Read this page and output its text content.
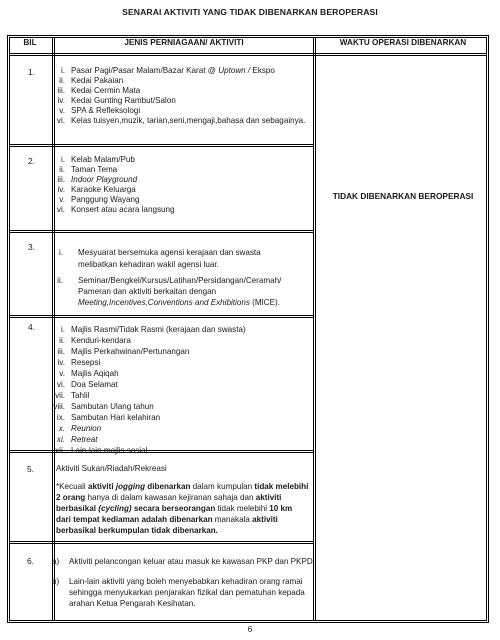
SENARAI AKTIVITI YANG TIDAK DIBENARKAN BEROPERASI
BIL	JENIS PERNIAGAAN/ AKTIVITI	WAKTU OPERASI DIBENARKAN
TIDAK DIBENARKAN BEROPERASI
1.	i. Pasar Pagi/Pasar Malam/Bazar Karat @ Uptown / Ekspo
ii. Kedai Pakaian
iii. Kedai Cermin Mata
iv. Kedai Gunting Rambut/Salon
v. SPA & Refleksologi
vi. Kelas tuisyen,muzik, tarian,seni,mengaji,bahasa dan sebagainya.
2.	i. Kelab Malam/Pub
ii. Taman Tema
iii. Indoor Playground
iv. Karaoke Keluarga
v. Panggung Wayang
vi. Konsert atau acara langsung
3.
i. Mesyuarat bersemuka agensi kerajaan dan swasta
melibatkan kehadiran wakil agensi luar.
ii. Seminar/Bengkel/Kursus/Latihan/Persidangan/Ceramah/
Pameran dan aktiviti berkaitan dengan
Meeting,Incentives,Conventions and Exhibitions (MICE).
4.	i. Majlis Rasmi/Tidak Rasmi (kerajaan dan swasta)
ii. Kenduri-kendara
iii. Majlis Perkahwinan/Pertunangan
iv. Resepsi
v. Majlis Aqiqah
vi. Doa Selamat
vii. Tahlil
viii. Sambutan Ulang tahun
ix. Sambutan Hari kelahiran
x. Reunion
xi. Retreat
xii. Lain-lain majlis sosial
5.	Aktiviti Sukan/Riadah/Rekreasi
*Kecuali aktiviti jogging dibenarkan dalam kumpulan tidak melebihi
2 orang hanya di dalam kawasan kejiranan sahaja dan aktiviti
berbasikal (cycling) secara berseorangan tidak melebihi 10 km
dari tempat kediaman adalah dibenarkan manakala aktiviti
berbasikal berkumpulan tidak dibenarkan.
6. a) Aktiviti pelancongan keluar atau masuk ke kawasan PKP dan PKPD.
b) Lain-lain aktiviti yang boleh menyebabkan kehadiran orang ramai
sehingga menyukarkan penjarakan fizikal dan pematuhan kepada
arahan Ketua Pengarah Kesihatan.
6
